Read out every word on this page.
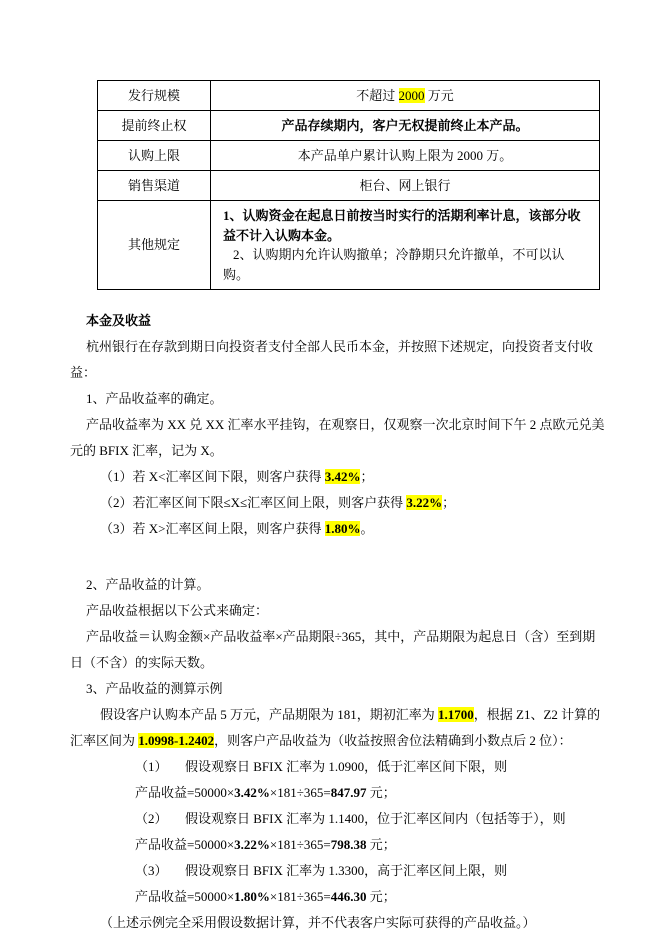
发行规模	不超过 2000 万元
提前终止权	产品存续期内，客户无权提前终止本产品。
认购上限	本产品单户累计认购上限为 2000 万。
销售渠道	柜台、网上银行
其他规定	1、认购资金在起息日前按当时实行的活期利率计息，该部分收益不计入认购本金。
2、认购期内允许认购撤单；冷静期只允许撤单，不可以认购。
本金及收益

杭州银行在存款到期日向投资者支付全部人民币本金，并按照下述规定，向投资者支付收益：

1、产品收益率的确定。

产品收益率为 XX 兑 XX 汇率水平挂钩，在观察日，仅观察一次北京时间下午 2 点欧元兑美元的 BFIX 汇率，记为 X。

（1）若 X<汇率区间下限，则客户获得 3.42%；

（2）若汇率区间下限≤X≤汇率区间上限，则客户获得 3.22%；

（3）若 X>汇率区间上限，则客户获得 1.80%。

2、产品收益的计算。

产品收益根据以下公式来确定：

产品收益＝认购金额×产品收益率×产品期限÷365，其中，产品期限为起息日（含）至到期日（不含）的实际天数。

3、产品收益的测算示例

假设客户认购本产品 5 万元，产品期限为 181，期初汇率为 1.1700，根据 Z1、Z2 计算的汇率区间为 1.0998-1.2402，则客户产品收益为（收益按照舍位法精确到小数点后 2 位）：

（1） 假设观察日 BFIX 汇率为 1.0900，低于汇率区间下限，则

产品收益=50000×3.42%×181÷365=847.97 元；

（2） 假设观察日 BFIX 汇率为 1.1400，位于汇率区间内（包括等于），则

产品收益=50000×3.22%×181÷365=798.38 元；

（3） 假设观察日 BFIX 汇率为 1.3300，高于汇率区间上限，则

产品收益=50000×1.80%×181÷365=446.30 元；

（上述示例完全采用假设数据计算，并不代表客户实际可获得的产品收益。）
